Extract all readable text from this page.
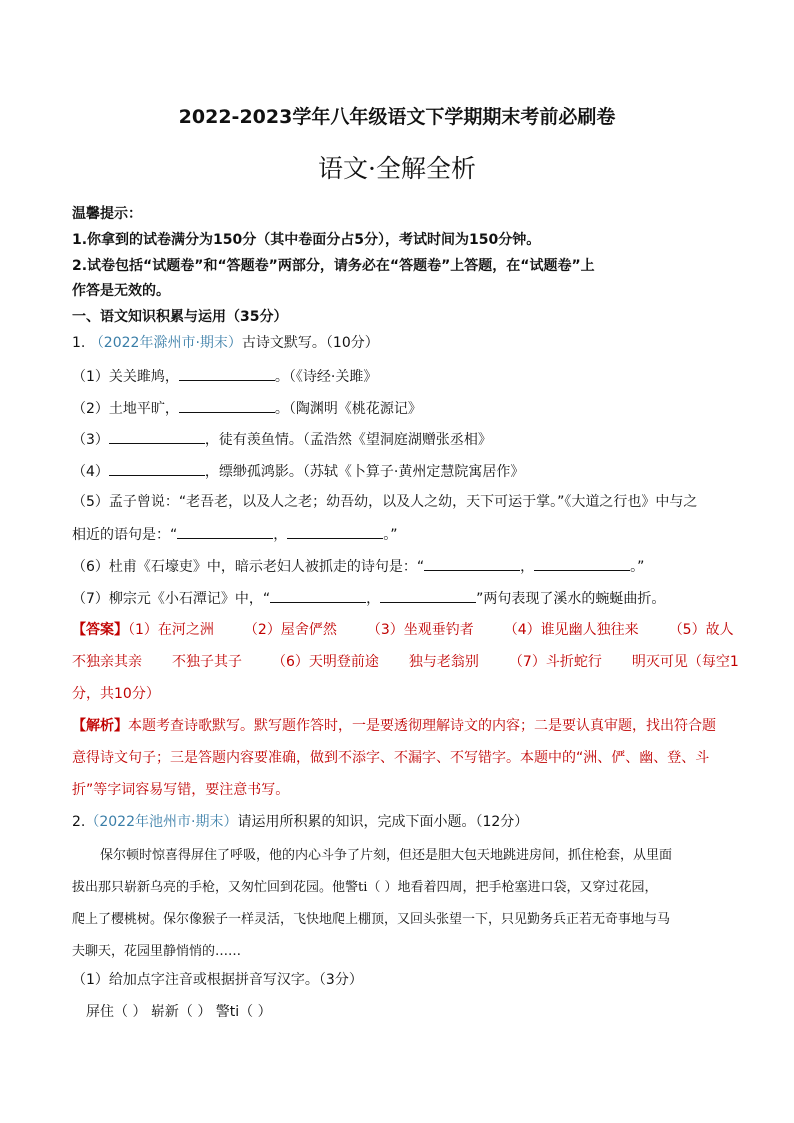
2022-2023学年八年级语文下学期期末考前必刷卷
语文·全解全析
温馨提示：
1.你拿到的试卷满分为150分（其中卷面分占5分），考试时间为150分钟。
2.试卷包括“试题卷”和“答题卷”两部分，请务必在“答题卷”上答题，在“试题卷”上
作答是无效的。
一、语文知识积累与运用（35分）
1. （2022年滁州市·期末）古诗文默写。（10分）
（1）关关雎鸠，	。（《诗经·关雎》
（2）土地平旷，	。（陶渊明《桃花源记》
（3）	，徒有羡鱼情。（孟浩然《望洞庭湖赠张丞相》
（4）	，缥缈孤鸿影。（苏轼《卜算子·黄州定慧院寓居作》
（5）孟子曾说：“老吾老，以及人之老；幼吾幼，以及人之幼，天下可运于掌。”《大道之行也》中与之
相近的语句是：“	，	。”
（6）杜甫《石壕吏》中，暗示老妇人被抓走的诗句是：“	，	。”
（7）柳宗元《小石潭记》中，“	，	”两句表现了溪水的蜿蜒曲折。
【答案】（1）在河之洲 （2）屋舍俨然 （3）坐观垂钓者 （4）谁见幽人独往来 （5）故人
不独亲其亲 不独子其子 （6）天明登前途 独与老翁别 （7）斗折蛇行 明灭可见（每空1
分，共10分）
【解析】本题考查诗歌默写。默写题作答时，一是要透彻理解诗文的内容；二是要认真审题，找出符合题
意得诗文句子；三是答题内容要准确，做到不添字、不漏字、不写错字。本题中的“洲、俨、幽、登、斗
折”等字词容易写错，要注意书写。
2.（2022年池州市·期末）请运用所积累的知识，完成下面小题。（12分）
保尔顿时惊喜得屏住了呼吸，他的内心斗争了片刻，但还是胆大包天地跳进房间，抓住枪套，从里面
拔出那只崭新乌亮的手枪，又匆忙回到花园。他警ti（ ）地看着四周，把手枪塞进口袋，又穿过花园，
爬上了樱桃树。保尔像猴子一样灵活，飞快地爬上棚顶，又回头张望一下，只见勤务兵正若无奇事地与马
夫聊天，花园里静悄悄的……
（1）给加点字注音或根据拼音写汉字。（3分）
屏住（ ） 崭新（ ） 警ti（ ）
